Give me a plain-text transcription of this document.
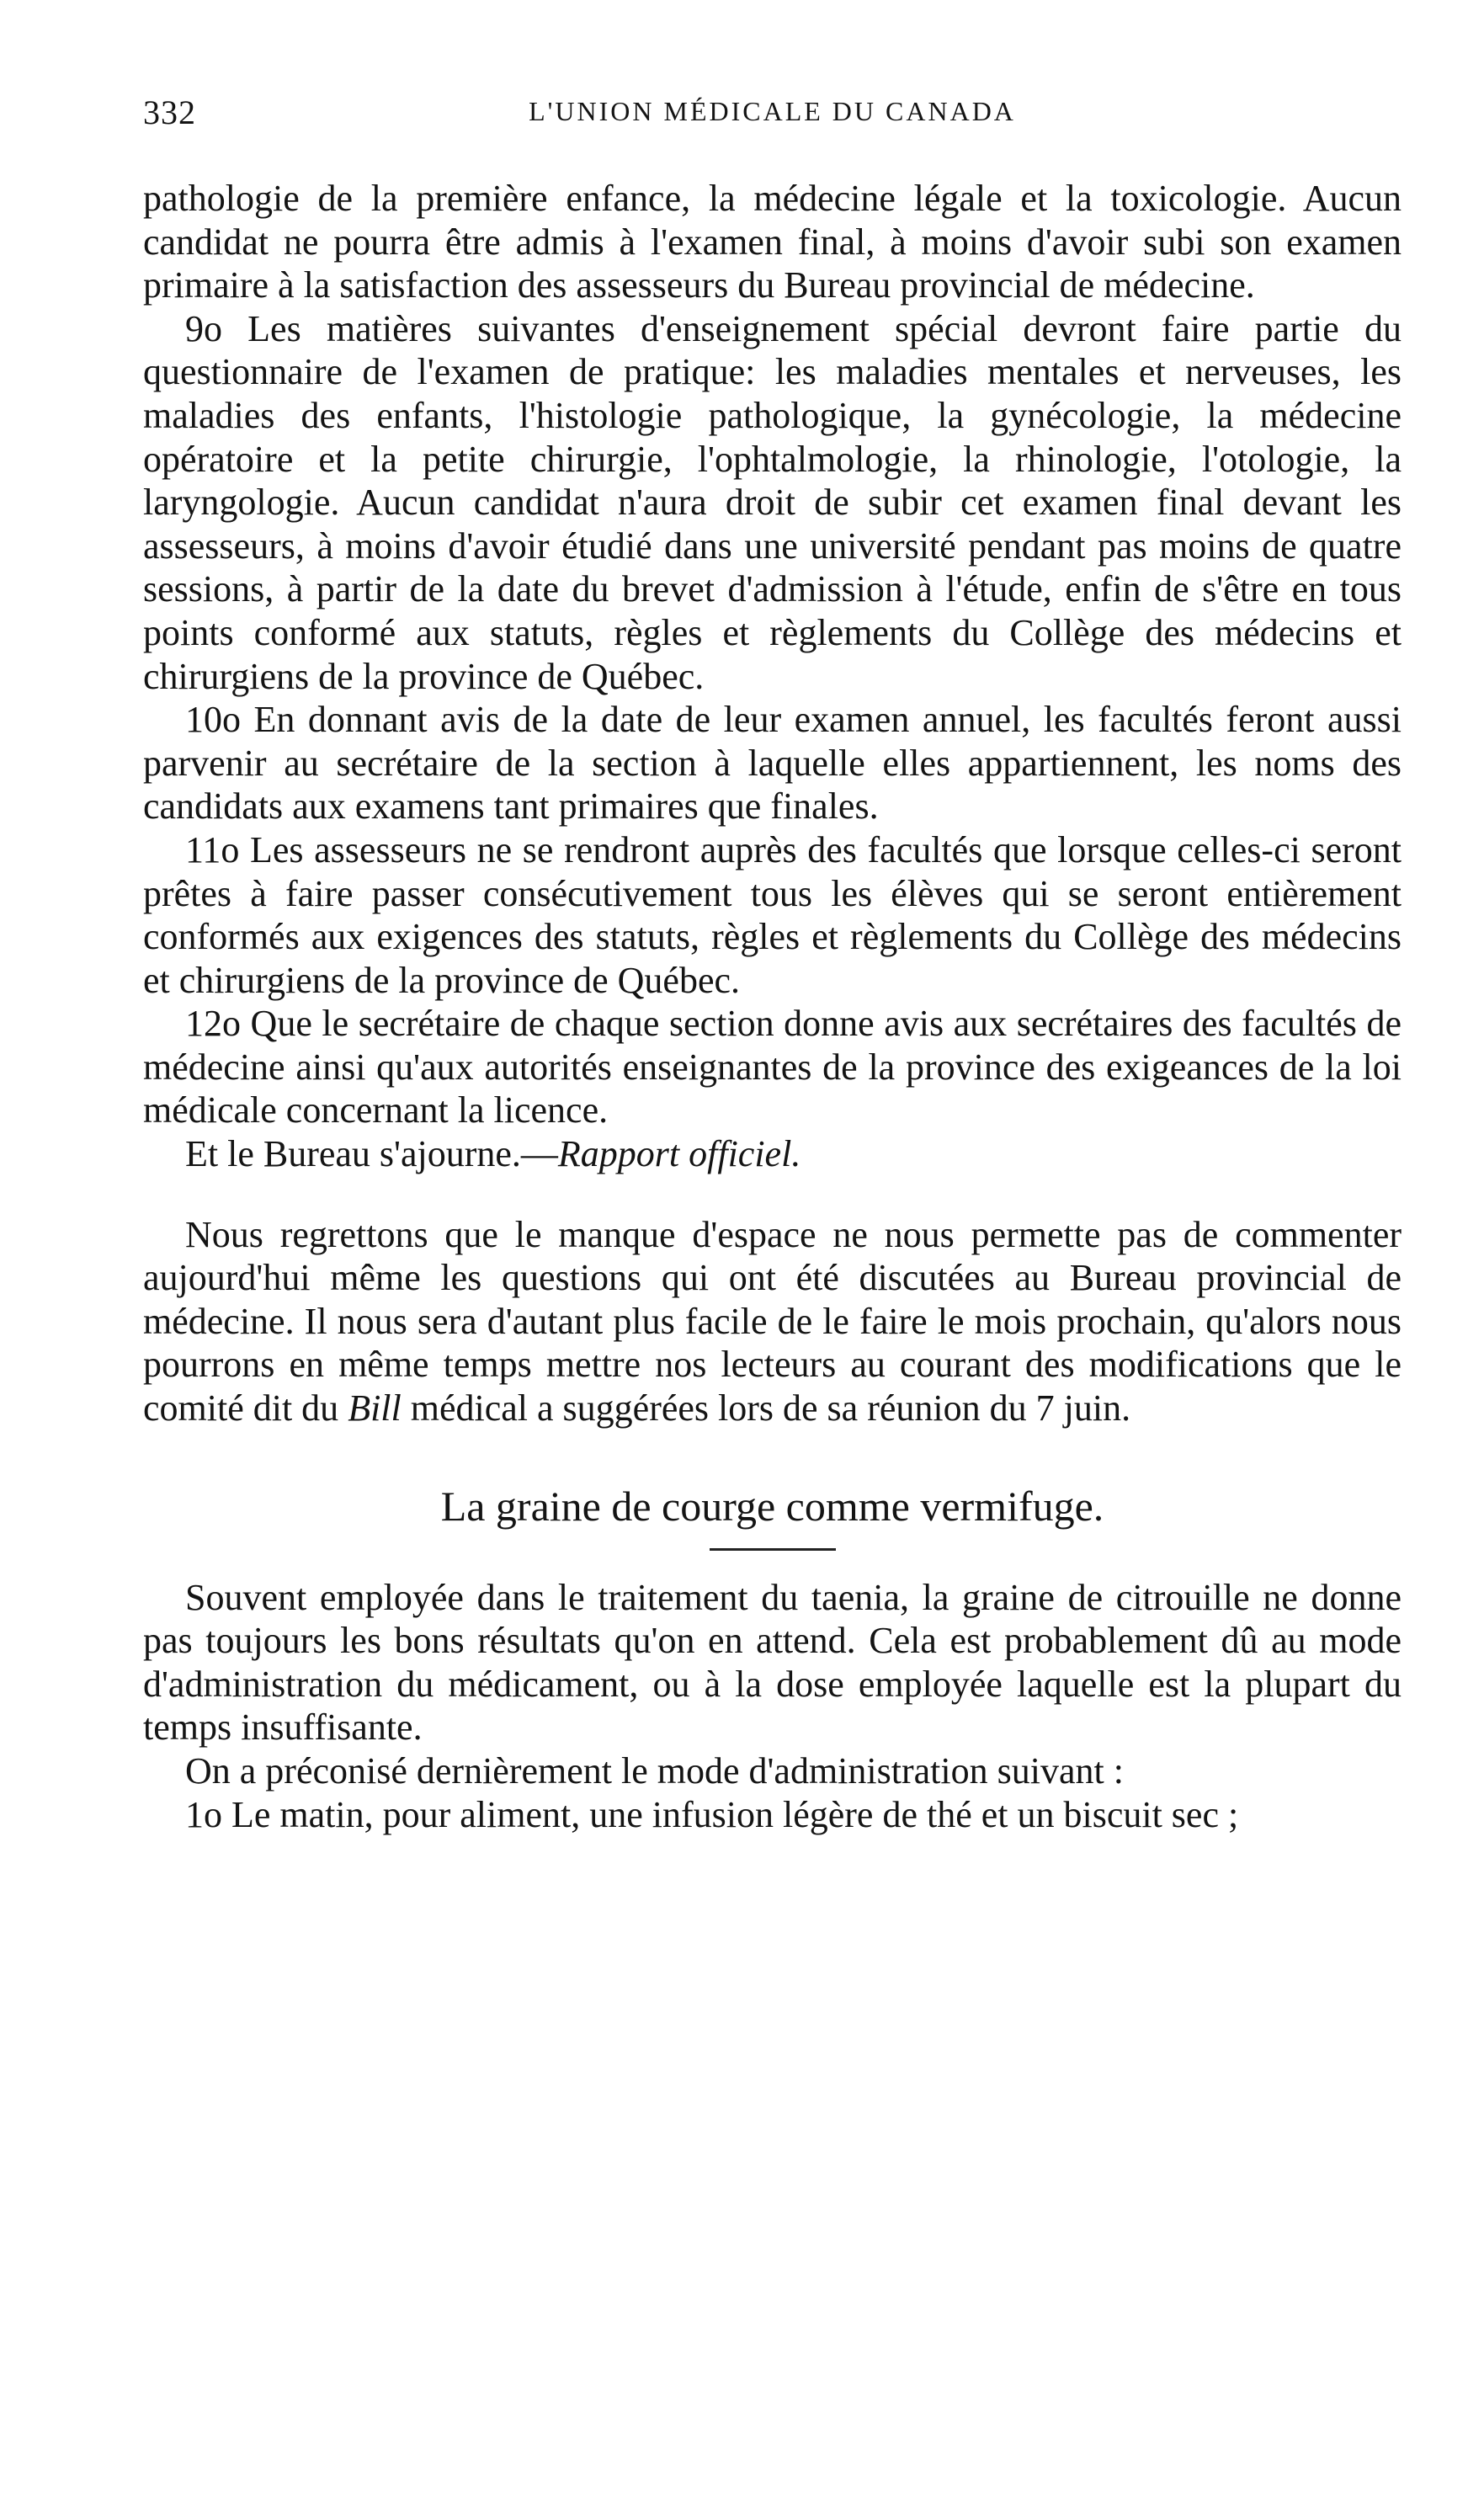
332	L'UNION MÉDICALE DU CANADA

pathologie de la première enfance, la médecine légale et la toxicologie. Aucun candidat ne pourra être admis à l'examen final, à moins d'avoir subi son examen primaire à la satisfaction des assesseurs du Bureau provincial de médecine.

9o Les matières suivantes d'enseignement spécial devront faire partie du questionnaire de l'examen de pratique: les maladies mentales et nerveuses, les maladies des enfants, l'histologie pathologique, la gynécologie, la médecine opératoire et la petite chirurgie, l'ophtalmologie, la rhinologie, l'otologie, la laryngologie. Aucun candidat n'aura droit de subir cet examen final devant les assesseurs, à moins d'avoir étudié dans une université pendant pas moins de quatre sessions, à partir de la date du brevet d'admission à l'étude, enfin de s'être en tous points conformé aux statuts, règles et règlements du Collège des médecins et chirurgiens de la province de Québec.

10o En donnant avis de la date de leur examen annuel, les facultés feront aussi parvenir au secrétaire de la section à laquelle elles appartiennent, les noms des candidats aux examens tant primaires que finales.

11o Les assesseurs ne se rendront auprès des facultés que lorsque celles-ci seront prêtes à faire passer consécutivement tous les élèves qui se seront entièrement conformés aux exigences des statuts, règles et règlements du Collège des médecins et chirurgiens de la province de Québec.

12o Que le secrétaire de chaque section donne avis aux secrétaires des facultés de médecine ainsi qu'aux autorités enseignantes de la province des exigeances de la loi médicale concernant la licence.

Et le Bureau s'ajourne.—Rapport officiel.

Nous regrettons que le manque d'espace ne nous permette pas de commenter aujourd'hui même les questions qui ont été discutées au Bureau provincial de médecine. Il nous sera d'autant plus facile de le faire le mois prochain, qu'alors nous pourrons en même temps mettre nos lecteurs au courant des modifications que le comité dit du Bill médical a suggérées lors de sa réunion du 7 juin.

La graine de courge comme vermifuge.

Souvent employée dans le traitement du taenia, la graine de citrouille ne donne pas toujours les bons résultats qu'on en attend. Cela est probablement dû au mode d'administration du médicament, ou à la dose employée laquelle est la plupart du temps insuffisante.

On a préconisé dernièrement le mode d'administration suivant :

1o Le matin, pour aliment, une infusion légère de thé et un biscuit sec ;
